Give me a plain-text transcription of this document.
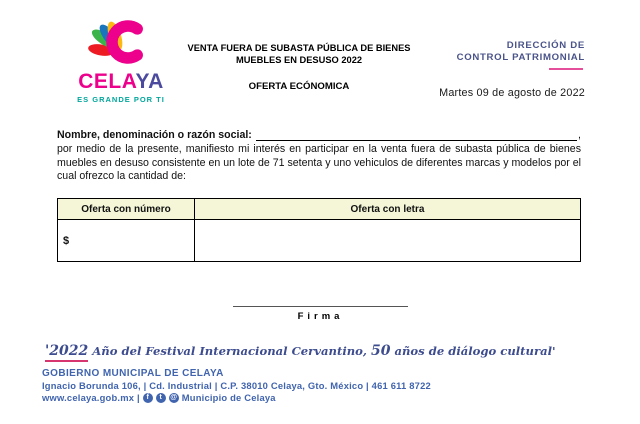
CELAYA
ES GRANDE POR TI
VENTA FUERA DE SUBASTA PÚBLICA DE BIENES
MUEBLES EN DESUSO 2022
OFERTA ECÓNOMICA
DIRECCIÓN DE
CONTROL PATRIMONIAL
Martes 09 de agosto de 2022
Nombre, denominación o razón social:	,
por medio de la presente, manifiesto mi interés en participar en la venta fuera de subasta pública de bienes muebles en desuso consistente en un lote de 71 setenta y uno vehiculos de diferentes marcas y modelos por el cual ofrezco la cantidad de:
Oferta con número	Oferta con letra
$	
Firma
'2022 Año del Festival Internacional Cervantino, 50 años de diálogo cultural'
GOBIERNO MUNICIPAL DE CELAYA
Ignacio Borunda 106, | Cd. Industrial | C.P. 38010 Celaya, Gto. México | 461 611 8722
www.celaya.gob.mx | f	t	@ Municipio de Celaya
